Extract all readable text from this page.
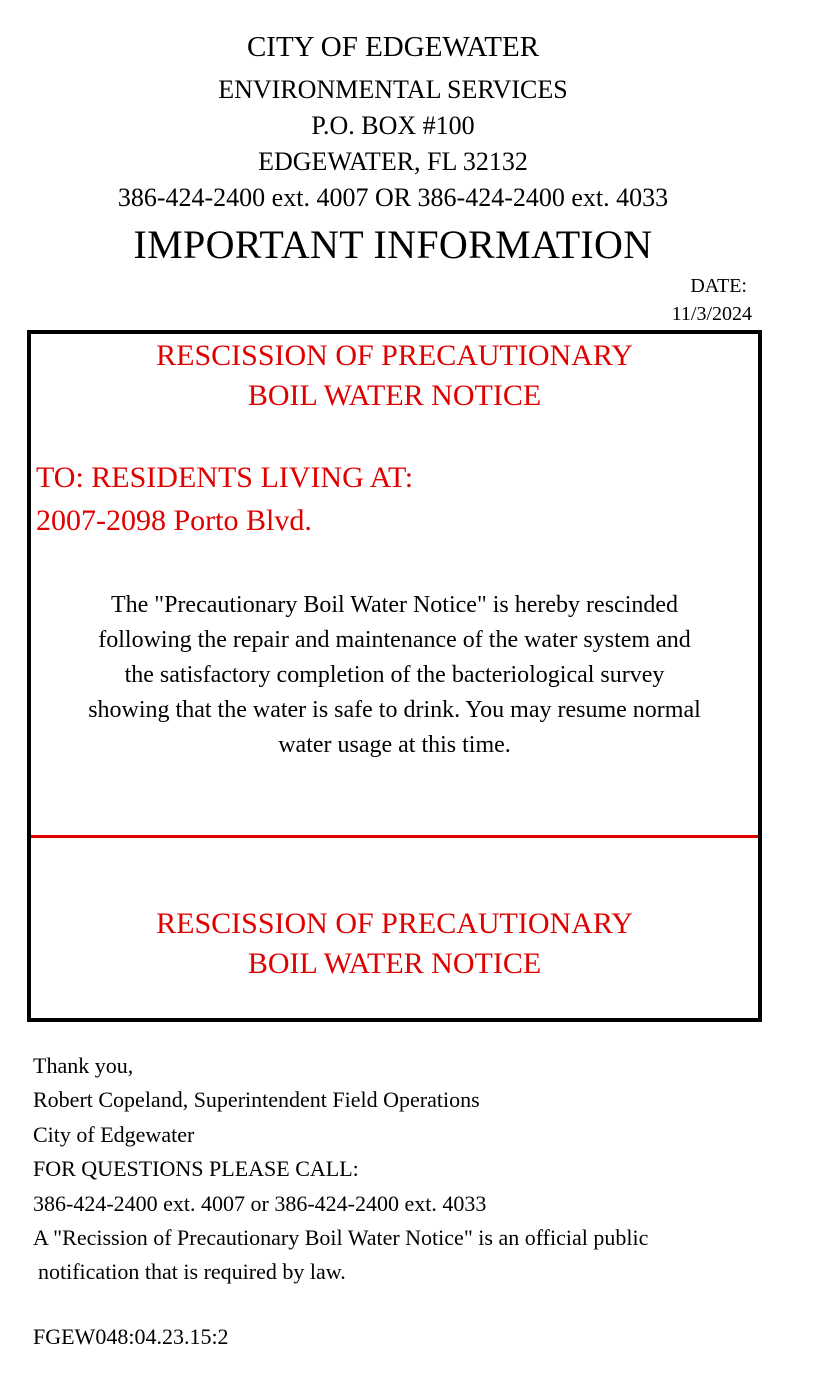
CITY OF EDGEWATER
ENVIRONMENTAL SERVICES
P.O. BOX #100
EDGEWATER, FL 32132
386-424-2400 ext. 4007 OR 386-424-2400 ext. 4033
IMPORTANT INFORMATION
DATE:
11/3/2024
RESCISSION OF PRECAUTIONARY
BOIL WATER NOTICE
TO: RESIDENTS LIVING AT:
2007-2098 Porto Blvd.
The "Precautionary Boil Water Notice" is hereby rescinded
following the repair and maintenance of the water system and
the satisfactory completion of the bacteriological survey
showing that the water is safe to drink. You may resume normal
water usage at this time.
RESCISSION OF PRECAUTIONARY
BOIL WATER NOTICE
Thank you,
Robert Copeland, Superintendent Field Operations
City of Edgewater
FOR QUESTIONS PLEASE CALL:
386-424-2400 ext. 4007 or 386-424-2400 ext. 4033
A "Recission of Precautionary Boil Water Notice" is an official public
notification that is required by law.
FGEW048:04.23.15:2
